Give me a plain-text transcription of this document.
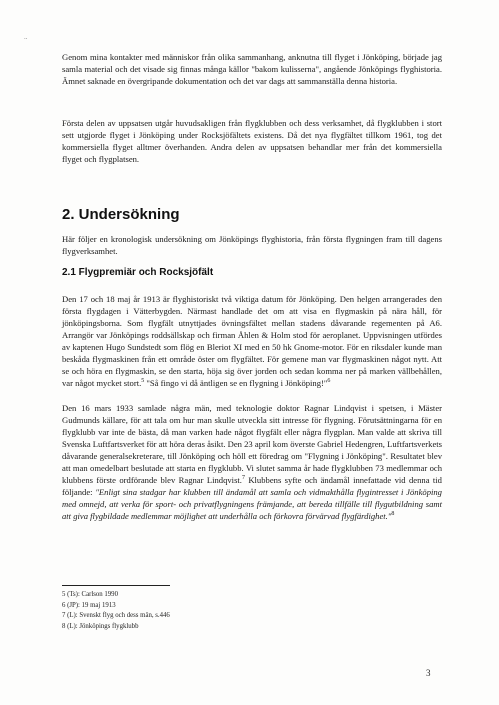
..

Genom mina kontakter med människor från olika sammanhang, anknutna till flyget i Jönköping, började jag samla material och det visade sig finnas många källor "bakom kulisserna", angående Jönköpings flyghistoria. Ämnet saknade en övergripande dokumentation och det var dags att sammanställa denna historia.

Första delen av uppsatsen utgår huvudsakligen från flygklubben och dess verksamhet, då flygklubben i stort sett utgjorde flyget i Jönköping under Rocksjöfältets existens. Då det nya flygfältet tillkom 1961, tog det kommersiella flyget alltmer överhanden. Andra delen av uppsatsen behandlar mer från det kommersiella flyget och flygplatsen.

2. Undersökning

Här följer en kronologisk undersökning om Jönköpings flyghistoria, från första flygningen fram till dagens flygverksamhet.

2.1 Flygpremiär och Rocksjöfält

Den 17 och 18 maj år 1913 är flyghistoriskt två viktiga datum för Jönköping. Den helgen arrangerades den första flygdagen i Vätterbygden. Närmast handlade det om att visa en flygmaskin på nära håll, för jönköpingsborna. Som flygfält utnyttjades övningsfältet mellan stadens dåvarande regementen på A6. Arrangör var Jönköpings roddsällskap och firman Åhlen & Holm stod för aeroplanet. Uppvisningen utfördes av kaptenen Hugo Sundstedt som flög en Bleriot XI med en 50 hk Gnome-motor. För en riksdaler kunde man beskåda flygmaskinen från ett område öster om flygfältet. För gemene man var flygmaskinen något nytt. Att se och höra en flygmaskin, se den starta, höja sig över jorden och sedan komma ner på marken vällbehållen, var något mycket stort.$^5$ "Så fingo vi då äntligen se en flygning i Jönköping!"$^6$

Den 16 mars 1933 samlade några män, med teknologie doktor Ragnar Lindqvist i spetsen, i Mäster Gudmunds källare, för att tala om hur man skulle utveckla sitt intresse för flygning. Förutsättningarna för en flygklubb var inte de bästa, då man varken hade något flygfält eller några flygplan. Man valde att skriva till Svenska Luftfartsverket för att höra deras åsikt. Den 23 april kom överste Gabriel Hedengren, Luftfartsverkets dåvarande generalsekreterare, till Jönköping och höll ett föredrag om "Flygning i Jönköping". Resultatet blev att man omedelbart beslutade att starta en flygklubb. Vi slutet samma år hade flygklubben 73 medlemmar och klubbens förste ordförande blev Ragnar Lindqvist.$^7$ Klubbens syfte och ändamål innefattade vid denna tid följande: "Enligt sina stadgar har klubben till ändamål att samla och vidmakthålla flygintresset i Jönköping med omnejd, att verka för sport- och privatflygningens främjande, att bereda tillfälle till flygutbildning samt att giva flygbildade medlemmar möjlighet att underhålla och förkovra förvärvad flygfärdighet."$^8$

5 (Ts): Carlson 1990
6 (JP): 19 maj 1913
7 (L): Svenskt flyg och dess män, s.446
8 (L): Jönköpings flygklubb
3
